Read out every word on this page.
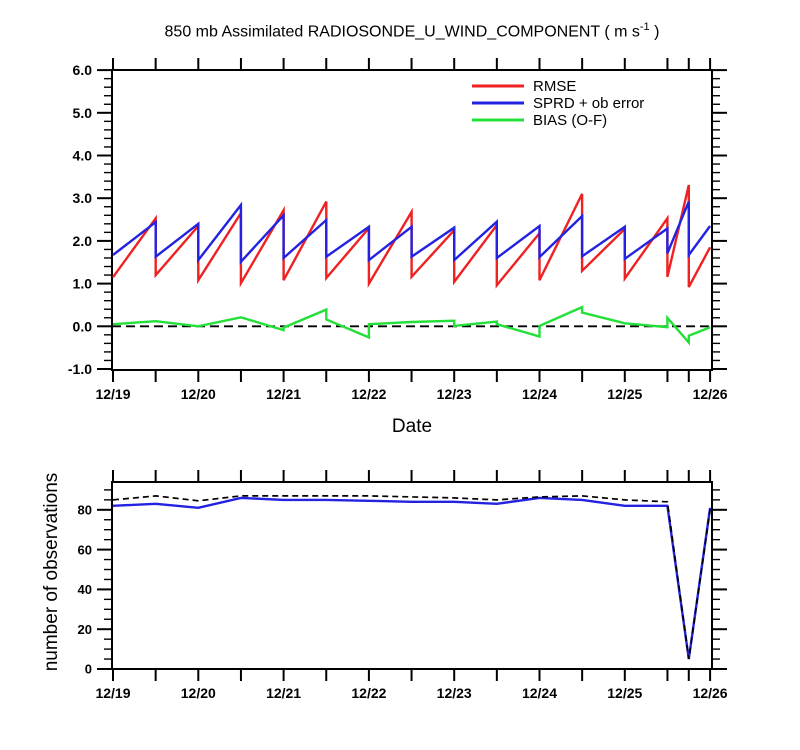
850 mb Assimilated RADIOSONDE_U_WIND_COMPONENT ( m $s^{-1}$ )
Date
number of observations
-1.0
0.0
1.0
2.0
3.0
4.0
5.0
6.0
12/19	12/20	12/21	12/22	12/23	12/24	12/25	12/26
RMSE
SPRD + ob error
BIAS (O-F)
0
20
40
60
80
12/19	12/20	12/21	12/22	12/23	12/24	12/25	12/26
